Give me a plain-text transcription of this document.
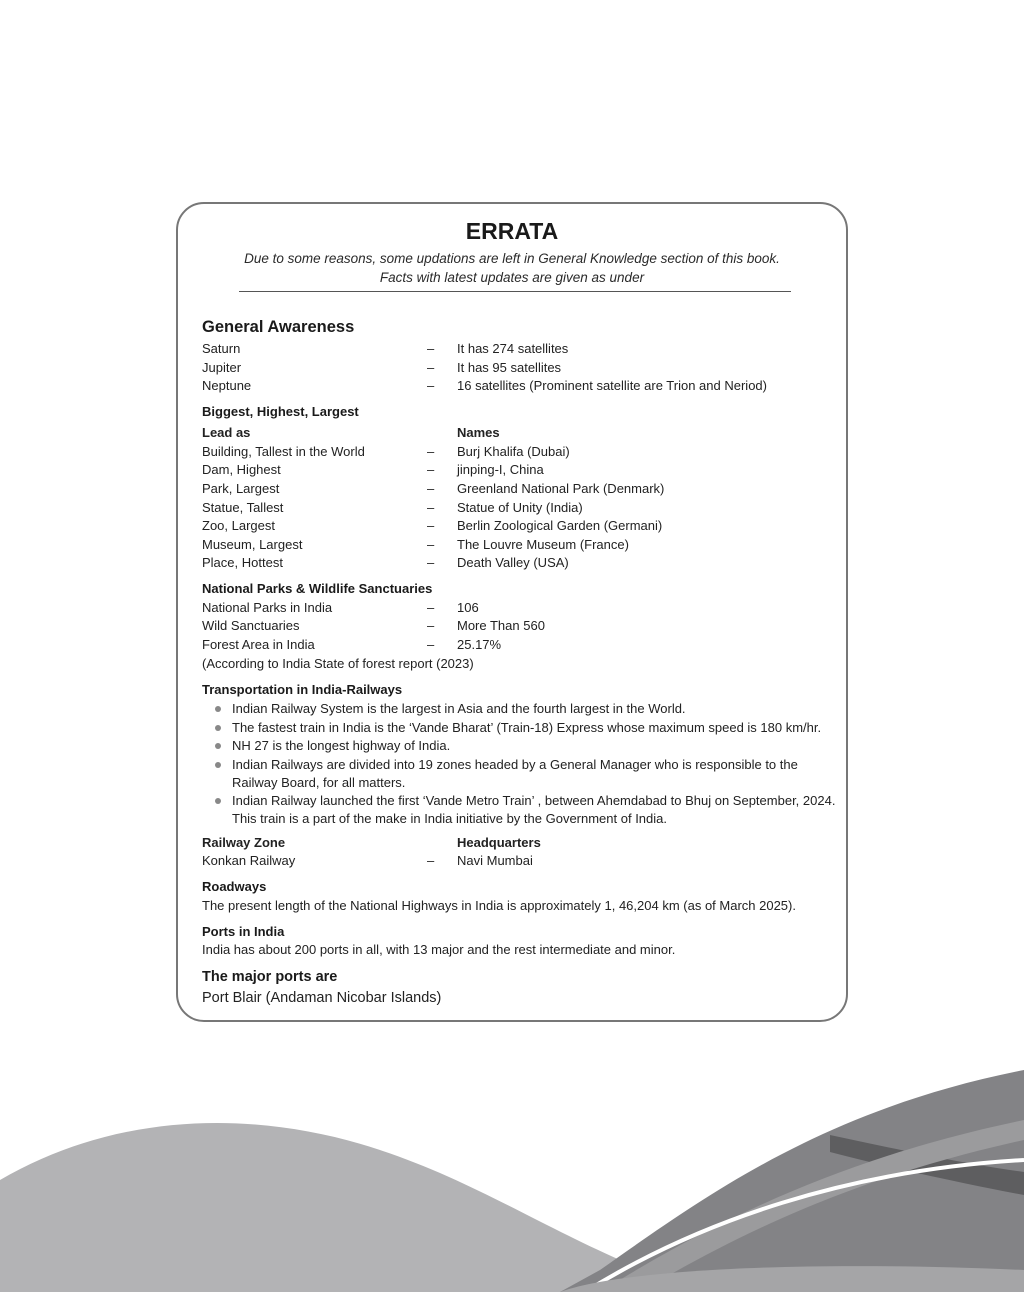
ERRATA
Due to some reasons, some updations are left in General Knowledge section of this book.
Facts with latest updates are given as under
General Awareness
Saturn	– It has 274 satellites
Jupiter	– It has 95 satellites
Neptune	– 16 satellites (Prominent satellite are Trion and Neriod)
Biggest, Highest, Largest
Lead as	Names
Building, Tallest in the World	– Burj Khalifa (Dubai)
Dam, Highest	– jinping-I, China
Park, Largest	– Greenland National Park (Denmark)
Statue, Tallest	– Statue of Unity (India)
Zoo, Largest	– Berlin Zoological Garden (Germani)
Museum, Largest	– The Louvre Museum (France)
Place, Hottest	– Death Valley (USA)
National Parks & Wildlife Sanctuaries
National Parks in India	– 106
Wild Sanctuaries	– More Than 560
Forest Area in India	– 25.17%
(According to India State of forest report (2023)
Transportation in India-Railways
Indian Railway System is the largest in Asia and the fourth largest in the World.
The fastest train in India is the ‘Vande Bharat’ (Train-18) Express whose maximum speed is 180 km/hr.
NH 27 is the longest highway of India.
Indian Railways are divided into 19 zones headed by a General Manager who is responsible to the Railway Board, for all matters.
Indian Railway launched the first ‘Vande Metro Train’ , between Ahemdabad to Bhuj on September, 2024. This train is a part of the make in India initiative by the Government of India.
Railway Zone	Headquarters
Konkan Railway	– Navi Mumbai
Roadways
The present length of the National Highways in India is approximately 1, 46,204 km (as of March 2025).
Ports in India
India has about 200 ports in all, with 13 major and the rest intermediate and minor.
The major ports are
Port Blair (Andaman Nicobar Islands)
